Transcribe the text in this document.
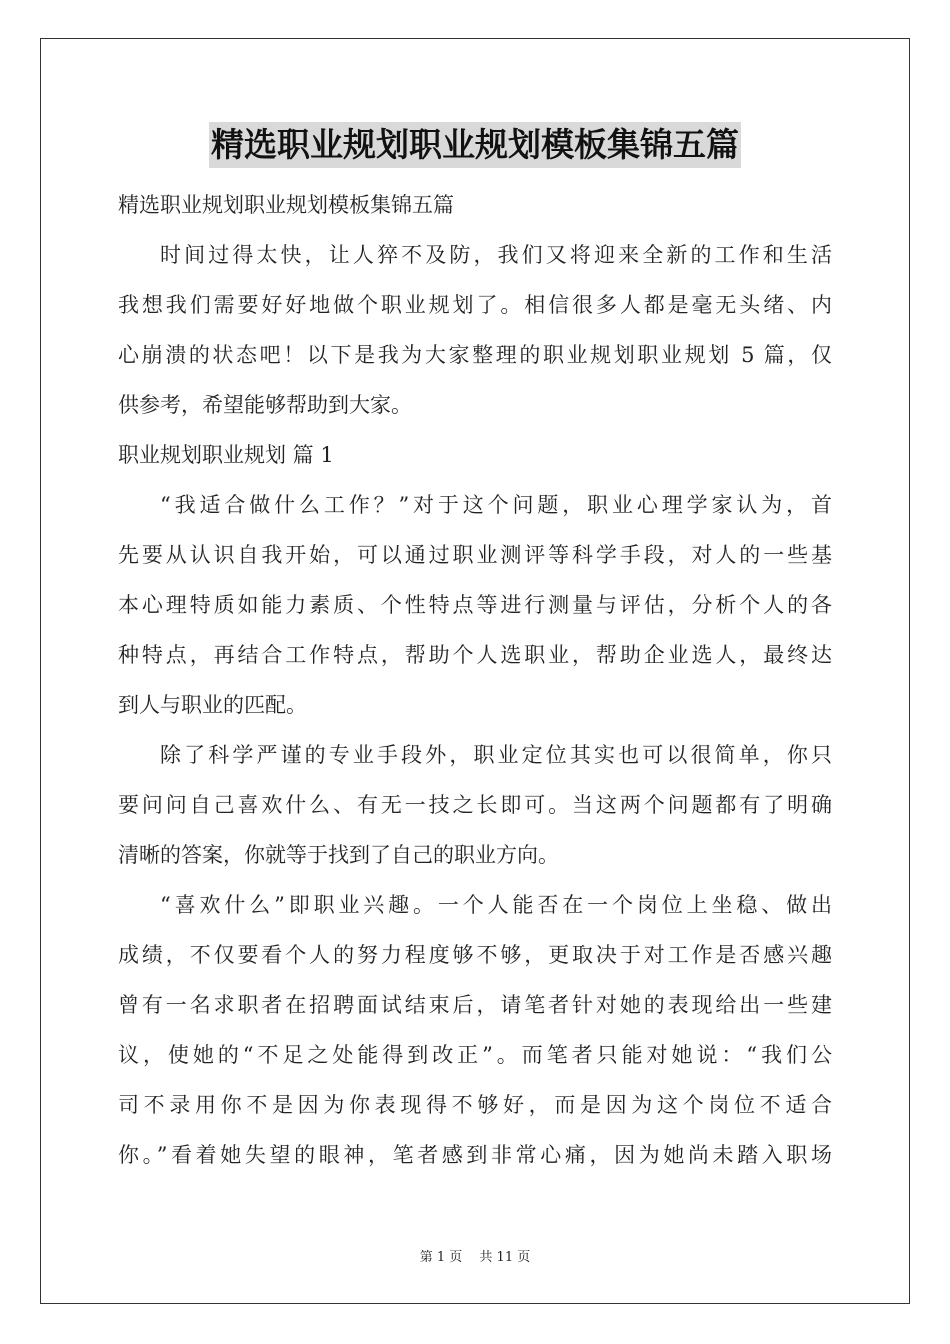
精选职业规划职业规划模板集锦五篇
精选职业规划职业规划模板集锦五篇
时间过得太快，让人猝不及防，我们又将迎来全新的工作和生活
我想我们需要好好地做个职业规划了。相信很多人都是毫无头绪、内
心崩溃的状态吧！以下是我为大家整理的职业规划职业规划 5 篇，仅
供参考，希望能够帮助到大家。
职业规划职业规划 篇 1
“我适合做什么工作？”对于这个问题，职业心理学家认为，首
先要从认识自我开始，可以通过职业测评等科学手段，对人的一些基
本心理特质如能力素质、个性特点等进行测量与评估，分析个人的各
种特点，再结合工作特点，帮助个人选职业，帮助企业选人，最终达
到人与职业的匹配。
除了科学严谨的专业手段外，职业定位其实也可以很简单，你只
要问问自己喜欢什么、有无一技之长即可。当这两个问题都有了明确
清晰的答案，你就等于找到了自己的职业方向。
“喜欢什么”即职业兴趣。一个人能否在一个岗位上坐稳、做出
成绩，不仅要看个人的努力程度够不够，更取决于对工作是否感兴趣
曾有一名求职者在招聘面试结束后，请笔者针对她的表现给出一些建
议，使她的“不足之处能得到改正”。而笔者只能对她说：“我们公
司不录用你不是因为你表现得不够好，而是因为这个岗位不适合
你。”看着她失望的眼神，笔者感到非常心痛，因为她尚未踏入职场
第 1 页　 共 11 页
